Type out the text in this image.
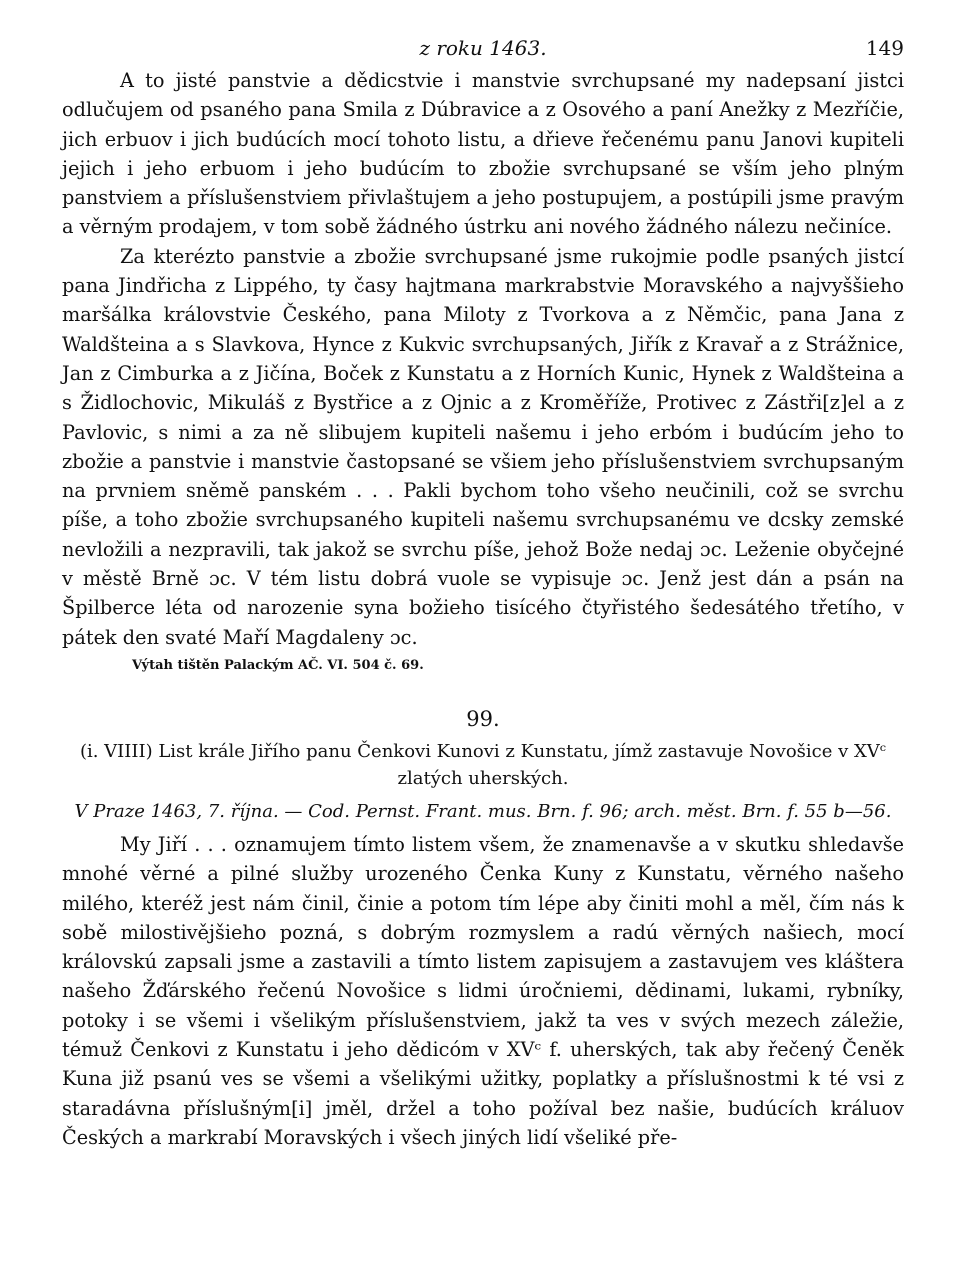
z roku 1463.	149

A to jisté panstvie a dědicstvie i manstvie svrchupsané my nadepsaní jistci odlučujem od psaného pana Smila z Dúbravice a z Osového a paní Anežky z Mezříčie, jich erbuov i jich budúcích mocí tohoto listu, a dřieve řečenému panu Janovi kupiteli jejich i jeho erbuom i jeho budúcím to zbožie svrchupsané se vším jeho plným panstviem a příslušenstviem přivlaštujem a jeho postupujem, a postúpili jsme pravým a věrným prodajem, v tom sobě žádného ústrku ani nového žádného nálezu nečiníce.

Za kterézto panstvie a zbožie svrchupsané jsme rukojmie podle psaných jistcí pana Jindřicha z Lippého, ty časy hajtmana markrabstvie Moravského a najvyššieho maršálka královstvie Českého, pana Miloty z Tvorkova a z Němčic, pana Jana z Waldšteina a s Slavkova, Hynce z Kukvic svrchupsaných, Jiřík z Kravař a z Strážnice, Jan z Cimburka a z Jičína, Boček z Kunstatu a z Horních Kunic, Hynek z Waldšteina a s Židlochovic, Mikuláš z Bystřice a z Ojnic a z Kroměříže, Protivec z Zástři[z]el a z Pavlovic, s nimi a za ně slibujem kupiteli našemu i jeho erbóm i budúcím jeho to zbožie a panstvie i manstvie častopsané se všiem jeho příslušenstviem svrchupsaným na prvniem sněmě panském . . . Pakli bychom toho všeho neučinili, což se svrchu píše, a toho zbožie svrchupsaného kupiteli našemu svrchupsanému ve dcsky zemské nevložili a nezpravili, tak jakož se svrchu píše, jehož Bože nedaj ɔc. Leženie obyčejné v městě Brně ɔc. V tém listu dobrá vuole se vypisuje ɔc. Jenž jest dán a psán na Špilberce léta od narozenie syna božieho tisícého čtyřistého šedesátého třetího, v pátek den svaté Maří Magdaleny ɔc.

Výtah tištěn Palackým AČ. VI. 504 č. 69.
99.
(i. VIIII) List krále Jiřího panu Čenkovi Kunovi z Kunstatu, jímž zastavuje Novošice v XVᶜ zlatých uherských.
V Praze 1463, 7. října. — Cod. Pernst. Frant. mus. Brn. f. 96; arch. měst. Brn. f. 55 b—56.

My Jiří . . . oznamujem tímto listem všem, že znamenavše a v skutku shledavše mnohé věrné a pilné služby urozeného Čenka Kuny z Kunstatu, věrného našeho milého, kteréž jest nám činil, činie a potom tím lépe aby činiti mohl a měl, čím nás k sobě milostivějšieho pozná, s dobrým rozmyslem a radú věrných našiech, mocí královskú zapsali jsme a zastavili a tímto listem zapisujem a zastavujem ves kláštera našeho Žďárského řečenú Novošice s lidmi úročniemi, dědinami, lukami, rybníky, potoky i se všemi i všelikým příslušenstviem, jakž ta ves v svých mezech záležie, témuž Čenkovi z Kunstatu i jeho dědicóm v XVᶜ f. uherských, tak aby řečený Čeněk Kuna již psanú ves se všemi a všelikými užitky, poplatky a příslušnostmi k té vsi z staradávna příslušným[i] jměl, držel a toho požíval bez našie, budúcích králuov Českých a markrabí Moravských i všech jiných lidí všeliké pře-
